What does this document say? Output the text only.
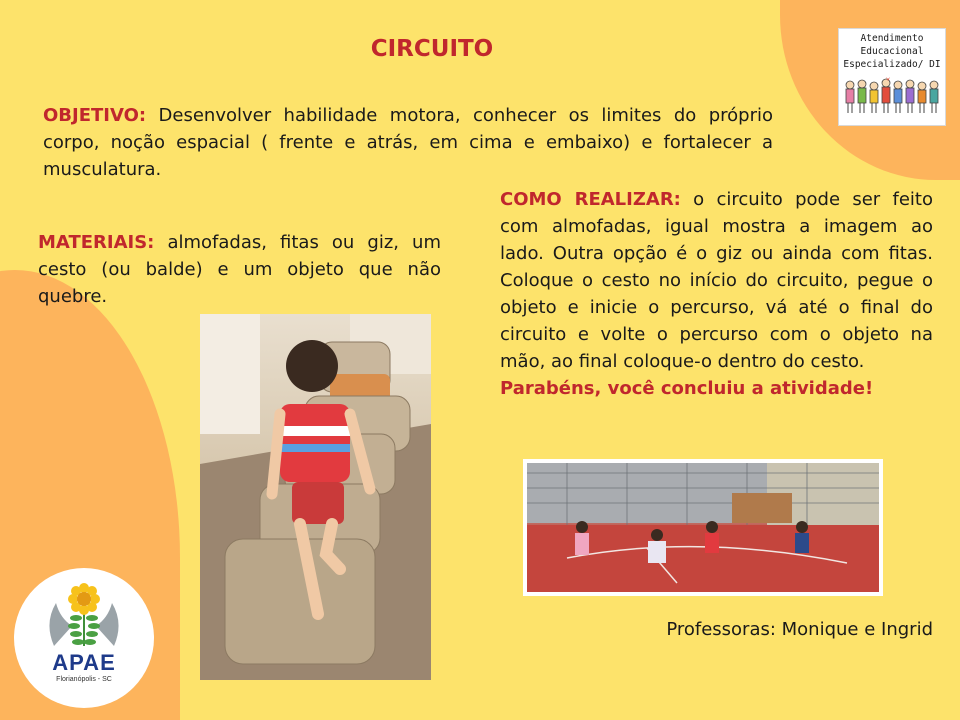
CIRCUITO

OBJETIVO: Desenvolver habilidade motora, conhecer os limites do próprio corpo, noção espacial ( frente e atrás, em cima e embaixo) e fortalecer a musculatura.

MATERIAIS: almofadas, fitas ou giz, um cesto (ou balde) e um objeto que não quebre.

COMO REALIZAR: o circuito pode ser feito com almofadas, igual mostra a imagem ao lado. Outra opção é o giz ou ainda com fitas. Coloque o cesto no início do circuito, pegue o objeto e inicie o percurso, vá até o final do circuito e volte o percurso com o objeto na mão, ao final coloque-o dentro do cesto.
Parabéns, você concluiu a atividade!

Atendimento
Educacional
Especializado/ DI
APAE
Florianópolis - SC

Professoras: Monique e Ingrid
